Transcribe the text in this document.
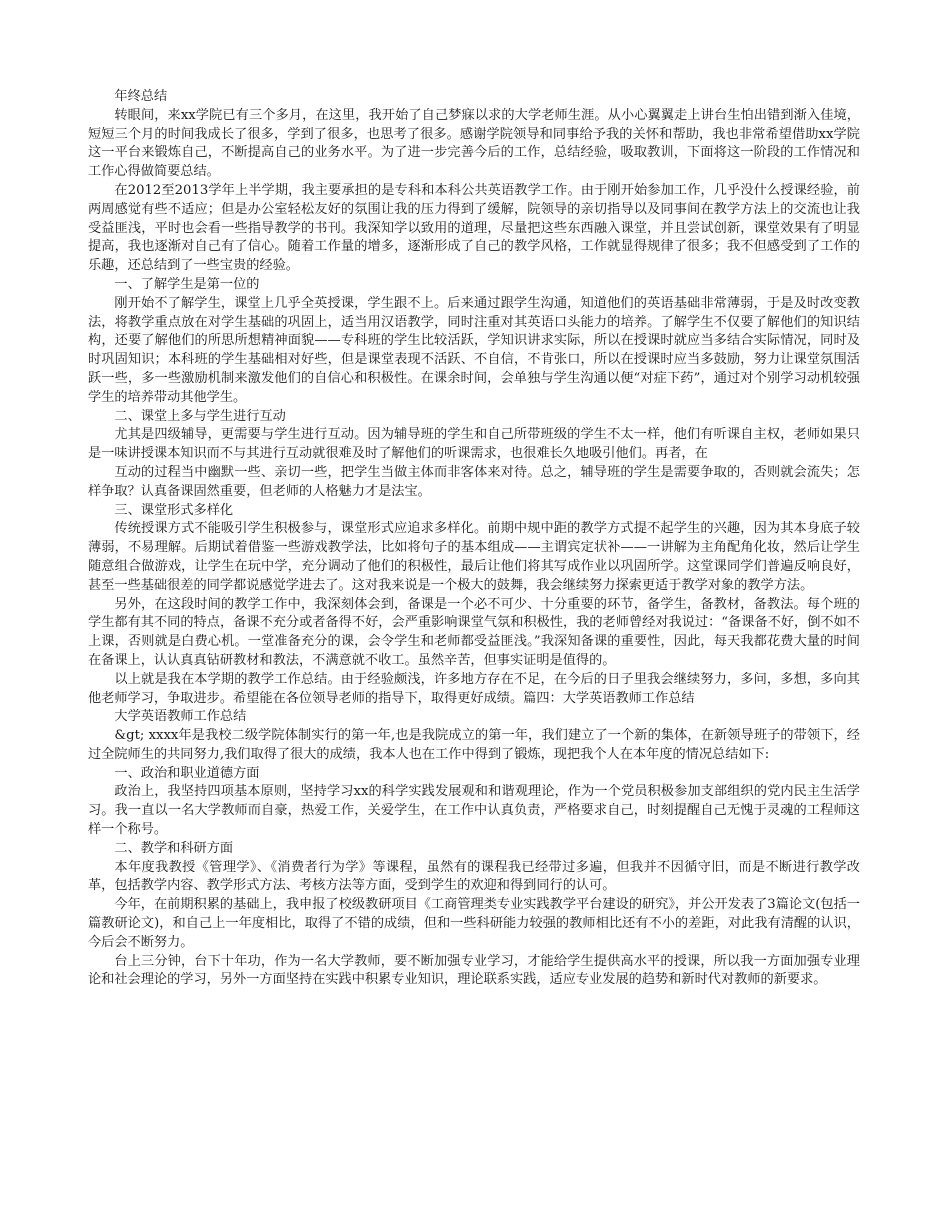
年终总结

转眼间，来xx学院已有三个多月，在这里，我开始了自己梦寐以求的大学老师生涯。从小心翼翼走上讲台生怕出错到渐入佳境，短短三个月的时间我成长了很多，学到了很多，也思考了很多。感谢学院领导和同事给予我的关怀和帮助，我也非常希望借助xx学院这一平台来锻炼自己，不断提高自己的业务水平。为了进一步完善今后的工作，总结经验，吸取教训，下面将这一阶段的工作情况和工作心得做简要总结。

在2012至2013学年上半学期，我主要承担的是专科和本科公共英语教学工作。由于刚开始参加工作，几乎没什么授课经验，前两周感觉有些不适应；但是办公室轻松友好的氛围让我的压力得到了缓解，院领导的亲切指导以及同事间在教学方法上的交流也让我受益匪浅，平时也会看一些指导教学的书刊。我深知学以致用的道理，尽量把这些东西融入课堂，并且尝试创新，课堂效果有了明显提高，我也逐渐对自己有了信心。随着工作量的增多，逐渐形成了自己的教学风格，工作就显得规律了很多；我不但感受到了工作的乐趣，还总结到了一些宝贵的经验。

一、了解学生是第一位的

刚开始不了解学生，课堂上几乎全英授课，学生跟不上。后来通过跟学生沟通，知道他们的英语基础非常薄弱，于是及时改变教法，将教学重点放在对学生基础的巩固上，适当用汉语教学，同时注重对其英语口头能力的培养。了解学生不仅要了解他们的知识结构，还要了解他们的所思所想精神面貌——专科班的学生比较活跃，学知识讲求实际，所以在授课时就应当多结合实际情况，同时及时巩固知识；本科班的学生基础相对好些，但是课堂表现不活跃、不自信，不肯张口，所以在授课时应当多鼓励，努力让课堂氛围活跃一些，多一些激励机制来激发他们的自信心和积极性。在课余时间，会单独与学生沟通以便“对症下药”，通过对个别学习动机较强学生的培养带动其他学生。

二、课堂上多与学生进行互动

尤其是四级辅导，更需要与学生进行互动。因为辅导班的学生和自己所带班级的学生不太一样，他们有听课自主权，老师如果只是一味讲授课本知识而不与其进行互动就很难及时了解他们的听课需求，也很难长久地吸引他们。再者，在

互动的过程当中幽默一些、亲切一些，把学生当做主体而非客体来对待。总之，辅导班的学生是需要争取的，否则就会流失；怎样争取？认真备课固然重要，但老师的人格魅力才是法宝。

三、课堂形式多样化

传统授课方式不能吸引学生积极参与，课堂形式应追求多样化。前期中规中距的教学方式提不起学生的兴趣，因为其本身底子较薄弱，不易理解。后期试着借鉴一些游戏教学法，比如将句子的基本组成——主谓宾定状补——一讲解为主角配角化妆，然后让学生随意组合做游戏，让学生在玩中学，充分调动了他们的积极性，最后让他们将其写成作业以巩固所学。这堂课同学们普遍反响良好，甚至一些基础很差的同学都说感觉学进去了。这对我来说是一个极大的鼓舞，我会继续努力探索更适于教学对象的教学方法。

另外，在这段时间的教学工作中，我深刻体会到，备课是一个必不可少、十分重要的环节，备学生，备教材，备教法。每个班的学生都有其不同的特点，备课不充分或者备得不好，会严重影响课堂气氛和积极性，我的老师曾经对我说过：“备课备不好，倒不如不上课，否则就是白费心机。一堂准备充分的课，会令学生和老师都受益匪浅。”我深知备课的重要性，因此，每天我都花费大量的时间在备课上，认认真真钻研教材和教法，不满意就不收工。虽然辛苦，但事实证明是值得的。

以上就是我在本学期的教学工作总结。由于经验颇浅，许多地方存在不足，在今后的日子里我会继续努力，多问，多想，多向其他老师学习，争取进步。希望能在各位领导老师的指导下，取得更好成绩。篇四：大学英语教师工作总结

大学英语教师工作总结

&gt; xxxx年是我校二级学院体制实行的第一年,也是我院成立的第一年，我们建立了一个新的集体，在新领导班子的带领下，经过全院师生的共同努力,我们取得了很大的成绩，我本人也在工作中得到了锻炼，现把我个人在本年度的情况总结如下:

一、政治和职业道德方面

政治上，我坚持四项基本原则，坚持学习xx的科学实践发展观和和谐观理论，作为一个党员积极参加支部组织的党内民主生活学习。我一直以一名大学教师而自豪，热爱工作，关爱学生，在工作中认真负责，严格要求自己，时刻提醒自己无愧于灵魂的工程师这样一个称号。

二、教学和科研方面

本年度我教授《管理学》、《消费者行为学》等课程，虽然有的课程我已经带过多遍，但我并不因循守旧，而是不断进行教学改革，包括教学内容、教学形式方法、考核方法等方面，受到学生的欢迎和得到同行的认可。

今年，在前期积累的基础上，我申报了校级教研项目《工商管理类专业实践教学平台建设的研究》，并公开发表了3篇论文(包括一篇教研论文)，和自己上一年度相比，取得了不错的成绩，但和一些科研能力较强的教师相比还有不小的差距，对此我有清醒的认识，今后会不断努力。

台上三分钟，台下十年功，作为一名大学教师，要不断加强专业学习，才能给学生提供高水平的授课，所以我一方面加强专业理论和社会理论的学习，另外一方面坚持在实践中积累专业知识，理论联系实践，适应专业发展的趋势和新时代对教师的新要求。
